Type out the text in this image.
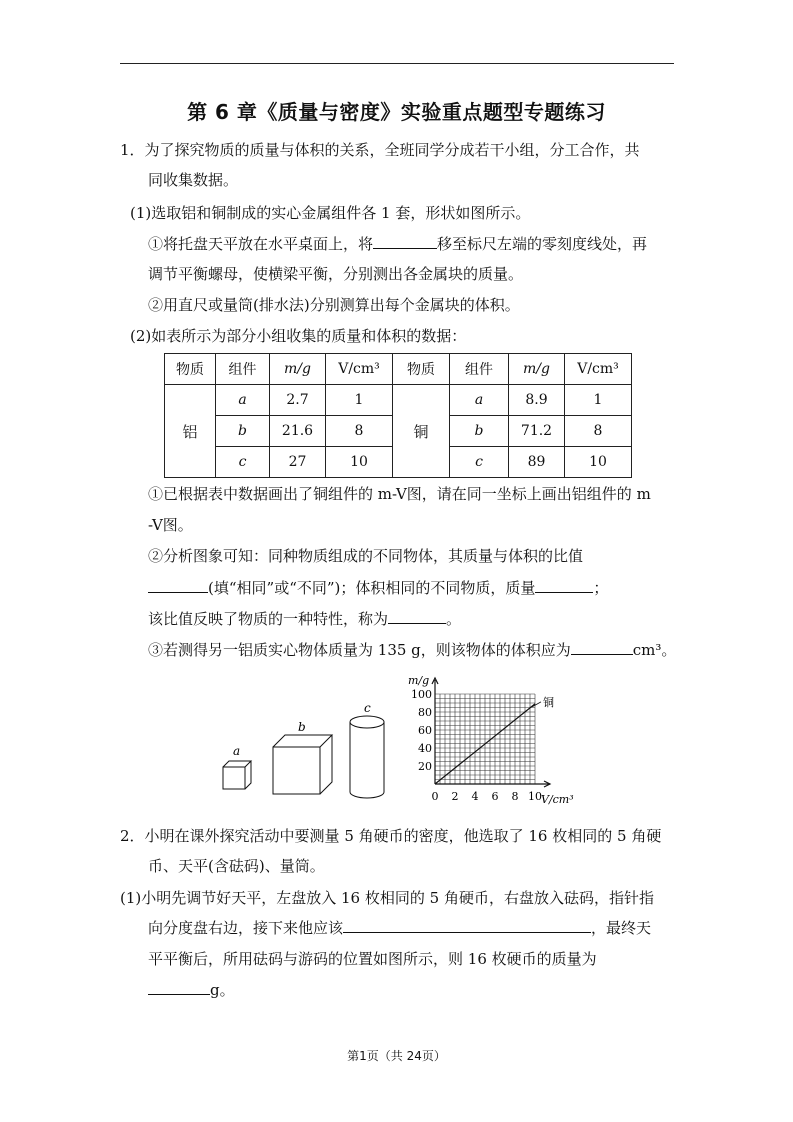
第 6 章《质量与密度》实验重点题型专题练习
1．为了探究物质的质量与体积的关系，全班同学分成若干小组，分工合作，共
同收集数据。
(1)选取铝和铜制成的实心金属组件各 1 套，形状如图所示。
①将托盘天平放在水平桌面上，将	移至标尺左端的零刻度线处，再
调节平衡螺母，使横梁平衡，分别测出各金属块的质量。
②用直尺或量筒(排水法)分别测算出每个金属块的体积。
(2)如表所示为部分小组收集的质量和体积的数据：
物质	组件	m/g	V/cm³	物质	组件	m/g	V/cm³
铝	a	2.7	1	铜	a	8.9	1
	b	21.6	8		b	71.2	8
	c	27	10		c	89	10
①已根据表中数据画出了铜组件的 m-V图，请在同一坐标上画出铝组件的 m
-V图。
②分析图象可知：同种物质组成的不同物体，其质量与体积的比值
(填“相同”或“不同”)；体积相同的不同物质，质量	；
该比值反映了物质的一种特性，称为	。
③若测得另一铝质实心物体质量为 135 g，则该物体的体积应为	cm³。
a
b
c
m/g
V/cm³
0 2 4 6 8 10
20
40
60
80
100
铜
2．小明在课外探究活动中要测量 5 角硬币的密度，他选取了 16 枚相同的 5 角硬
币、天平(含砝码)、量筒。
(1)小明先调节好天平，左盘放入 16 枚相同的 5 角硬币，右盘放入砝码，指针指
向分度盘右边，接下来他应该	，最终天
平平衡后，所用砝码与游码的位置如图所示，则 16 枚硬币的质量为
g。
第1页（共 24页）
